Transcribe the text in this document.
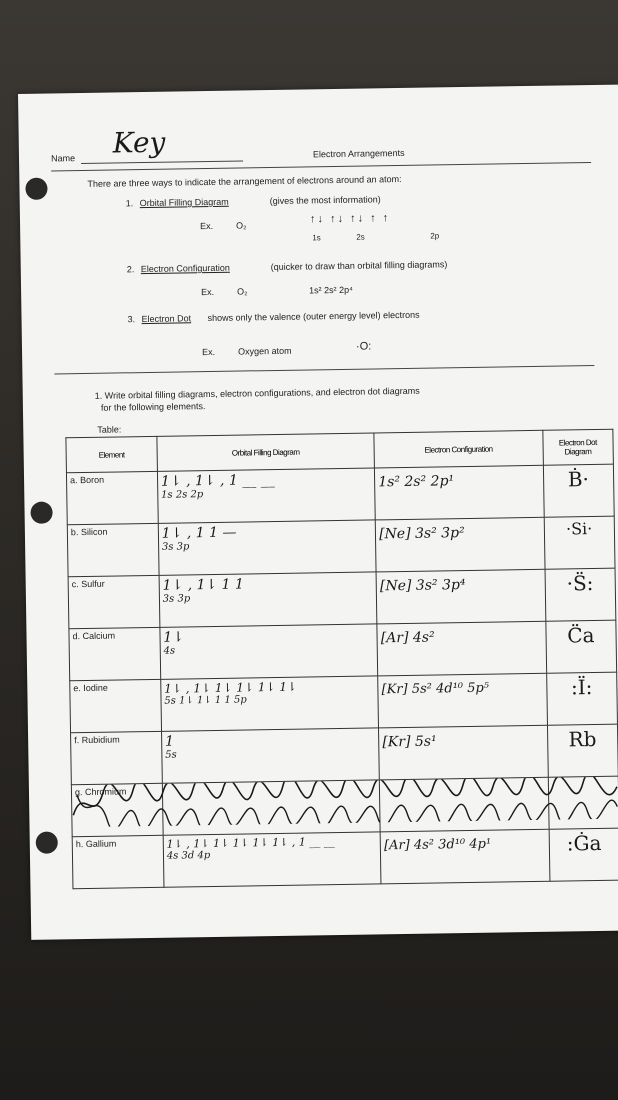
Name Key	Electron Arrangements
There are three ways to indicate the arrangement of electrons around an atom:
1. Orbital Filling Diagram	(gives the most information)
Ex.	O₂
↑↓ ↑↓ ↑↓ ↑ ↑
1s	2s	2p
2. Electron Configuration	(quicker to draw than orbital filling diagrams)
Ex.	O₂	1s² 2s² 2p⁴
3. Electron Dot shows only the valence (outer energy level) electrons
Ex.	Oxygen atom	·O:
1. Write orbital filling diagrams, electron configurations, and electron dot diagrams
for the following elements.
Table:
Element	Orbital Filling Diagram	Electron Configuration	Electron Dot Diagram
a. Boron	1⇂ , 1⇂ , 1 __ __
1s 2s 2p	1s² 2s² 2p¹	Ḃ·
b. Silicon	1⇂ , 1 1 —
3s 3p	[Ne] 3s² 3p²	·Si·
c. Sulfur	1⇂ , 1⇂ 1 1
3s 3p	[Ne] 3s² 3p⁴	·S̈:
d. Calcium	1⇂
4s	[Ar] 4s²	C̈a
e. Iodine	1⇂ , 1⇂ 1⇂ 1⇂ 1⇂ 1⇂
5s 1⇂ 1⇂ 1 1 5p	[Kr] 5s² 4d¹⁰ 5p⁵	:Ï:
f. Rubidium	1
5s	[Kr] 5s¹	Rb
g. Chromium			
h. Gallium	1⇂ , 1⇂ 1⇂ 1⇂ 1⇂ 1⇂ , 1 __ __
4s 3d 4p	[Ar] 4s² 3d¹⁰ 4p¹	:Ġa
